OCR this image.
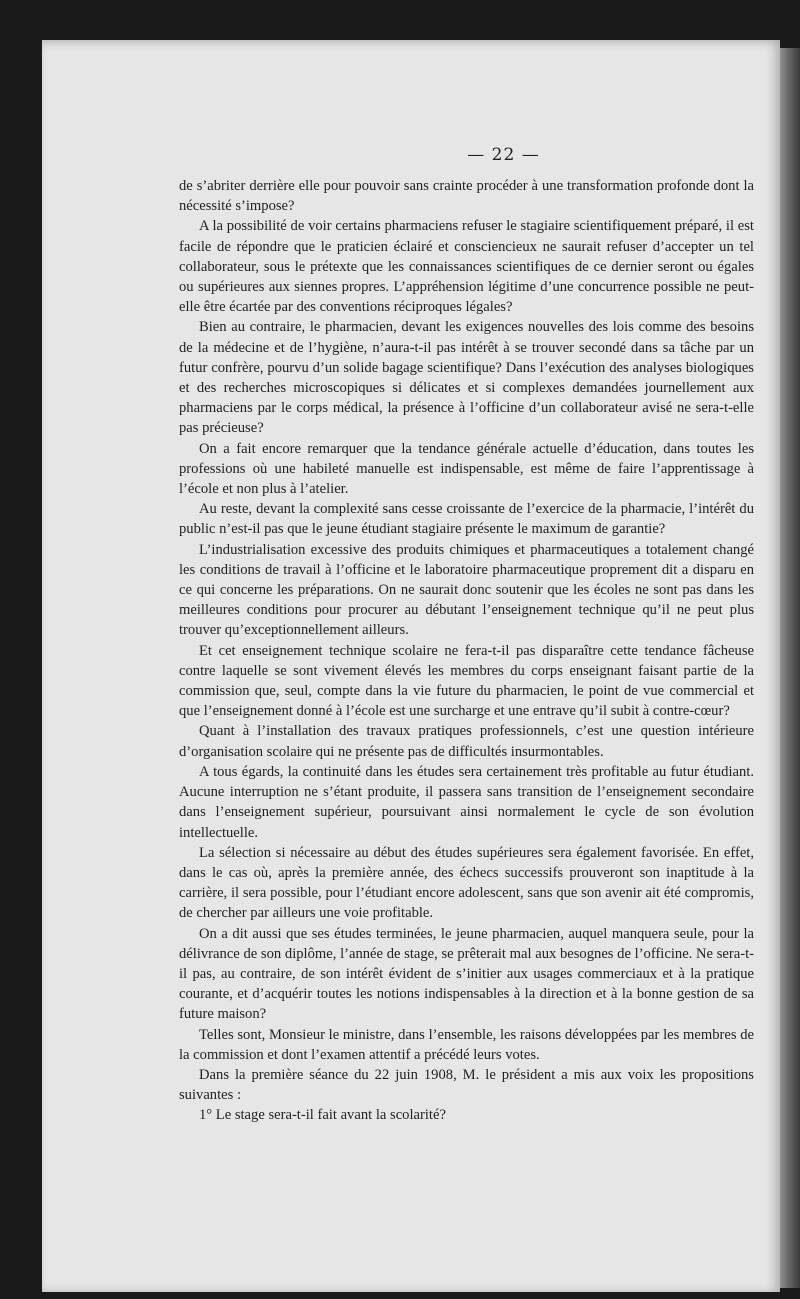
— 22 —

de s’abriter derrière elle pour pouvoir sans crainte procéder à une transformation profonde dont la nécessité s’impose?

A la possibilité de voir certains pharmaciens refuser le stagiaire scientifiquement préparé, il est facile de répondre que le praticien éclairé et consciencieux ne saurait refuser d’accepter un tel collaborateur, sous le prétexte que les connaissances scientifiques de ce dernier seront ou égales ou supérieures aux siennes propres. L’appréhension légitime d’une concurrence possible ne peut-elle être écartée par des conventions réciproques légales?

Bien au contraire, le pharmacien, devant les exigences nouvelles des lois comme des besoins de la médecine et de l’hygiène, n’aura-t-il pas intérêt à se trouver secondé dans sa tâche par un futur confrère, pourvu d’un solide bagage scientifique? Dans l’exécution des analyses biologiques et des recherches microscopiques si délicates et si complexes demandées journellement aux pharmaciens par le corps médical, la présence à l’officine d’un collaborateur avisé ne sera-t-elle pas précieuse?

On a fait encore remarquer que la tendance générale actuelle d’éducation, dans toutes les professions où une habileté manuelle est indispensable, est même de faire l’apprentissage à l’école et non plus à l’atelier.

Au reste, devant la complexité sans cesse croissante de l’exercice de la pharmacie, l’intérêt du public n’est-il pas que le jeune étudiant stagiaire présente le maximum de garantie?

L’industrialisation excessive des produits chimiques et pharmaceutiques a totalement changé les conditions de travail à l’officine et le laboratoire pharmaceutique proprement dit a disparu en ce qui concerne les préparations. On ne saurait donc soutenir que les écoles ne sont pas dans les meilleures conditions pour procurer au débutant l’enseignement technique qu’il ne peut plus trouver qu’exceptionnellement ailleurs.

Et cet enseignement technique scolaire ne fera-t-il pas disparaître cette tendance fâcheuse contre laquelle se sont vivement élevés les membres du corps enseignant faisant partie de la commission que, seul, compte dans la vie future du pharmacien, le point de vue commercial et que l’enseignement donné à l’école est une surcharge et une entrave qu’il subit à contre-cœur?

Quant à l’installation des travaux pratiques professionnels, c’est une question intérieure d’organisation scolaire qui ne présente pas de difficultés insurmontables.

A tous égards, la continuité dans les études sera certainement très profitable au futur étudiant. Aucune interruption ne s’étant produite, il passera sans transition de l’enseignement secondaire dans l’enseignement supérieur, poursuivant ainsi normalement le cycle de son évolution intellectuelle.

La sélection si nécessaire au début des études supérieures sera également favorisée. En effet, dans le cas où, après la première année, des échecs successifs prouveront son inaptitude à la carrière, il sera possible, pour l’étudiant encore adolescent, sans que son avenir ait été compromis, de chercher par ailleurs une voie profitable.

On a dit aussi que ses études terminées, le jeune pharmacien, auquel manquera seule, pour la délivrance de son diplôme, l’année de stage, se prêterait mal aux besognes de l’officine. Ne sera-t-il pas, au contraire, de son intérêt évident de s’initier aux usages commerciaux et à la pratique courante, et d’acquérir toutes les notions indispensables à la direction et à la bonne gestion de sa future maison?

Telles sont, Monsieur le ministre, dans l’ensemble, les raisons développées par les membres de la commission et dont l’examen attentif a précédé leurs votes.

Dans la première séance du 22 juin 1908, M. le président a mis aux voix les propositions suivantes :

1° Le stage sera-t-il fait avant la scolarité?
